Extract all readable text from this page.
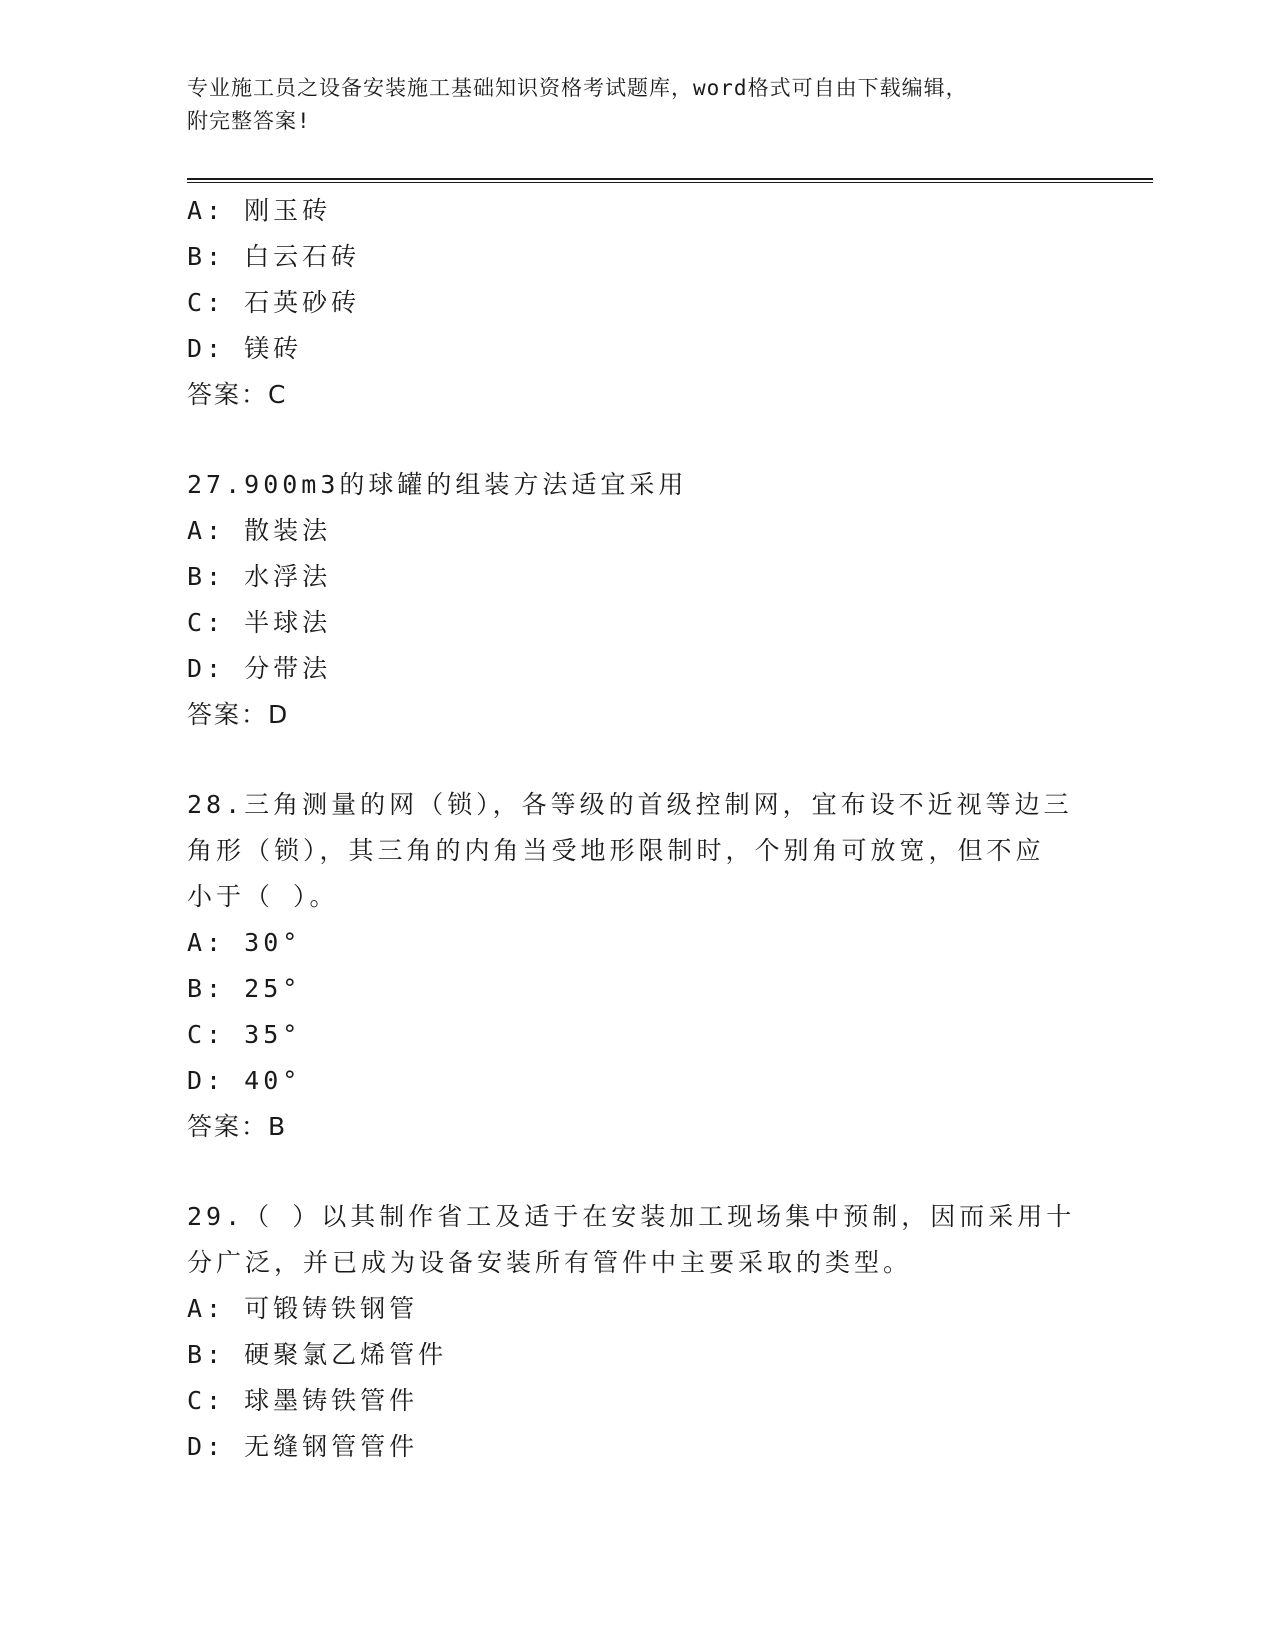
专业施工员之设备安装施工基础知识资格考试题库，word格式可自由下载编辑，
附完整答案!
A: 刚玉砖
B: 白云石砖
C: 石英砂砖
D: 镁砖
答案：C
27.900m3的球罐的组装方法适宜采用
A: 散装法
B: 水浮法
C: 半球法
D: 分带法
答案：D
28.三角测量的网（锁），各等级的首级控制网，宜布设不近视等边三
角形（锁），其三角的内角当受地形限制时，个别角可放宽，但不应
小于（ ）。
A: 30°
B: 25°
C: 35°
D: 40°
答案：B
29.（ ）以其制作省工及适于在安装加工现场集中预制，因而采用十
分广泛，并已成为设备安装所有管件中主要采取的类型。
A: 可锻铸铁钢管
B: 硬聚氯乙烯管件
C: 球墨铸铁管件
D: 无缝钢管管件
